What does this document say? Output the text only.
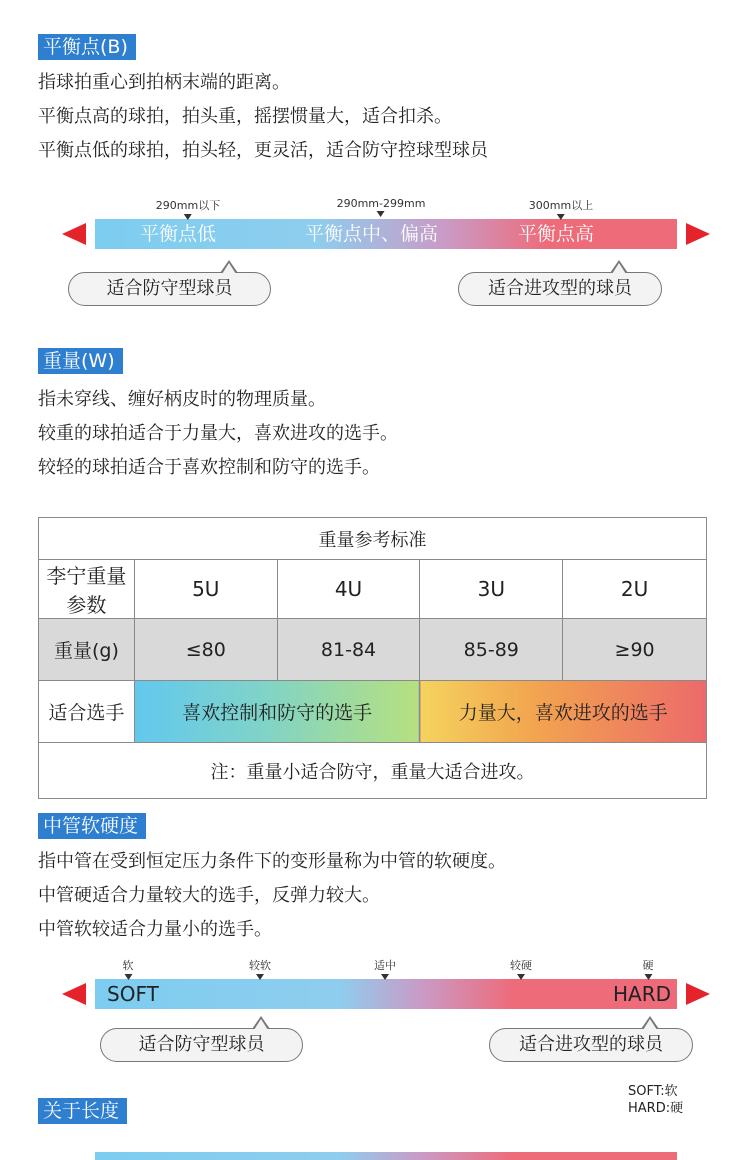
平衡点(B)
指球拍重心到拍柄末端的距离。
平衡点高的球拍，拍头重，摇摆惯量大，适合扣杀。
平衡点低的球拍，拍头轻，更灵活，适合防守控球型球员
平衡点低	平衡点中、偏高	平衡点高
290mm以下	290mm-299mm	300mm以上
适合防守型球员	适合进攻型的球员
重量(W)
指未穿线、缠好柄皮时的物理质量。
较重的球拍适合于力量大，喜欢进攻的选手。
较轻的球拍适合于喜欢控制和防守的选手。
重量参考标准				
李宁重量参数	5U	4U	3U	2U
重量(g)	≤80	81-84	85-89	≥90
适合选手	喜欢控制和防守的选手		力量大，喜欢进攻的选手	
注：重量小适合防守，重量大适合进攻。				
中管软硬度
指中管在受到恒定压力条件下的变形量称为中管的软硬度。
中管硬适合力量较大的选手，反弹力较大。
中管软较适合力量小的选手。
SOFT	HARD
软	较软	适中	较硬	硬
适合防守型球员	适合进攻型的球员
SOFT:软
HARD:硬
关于长度
